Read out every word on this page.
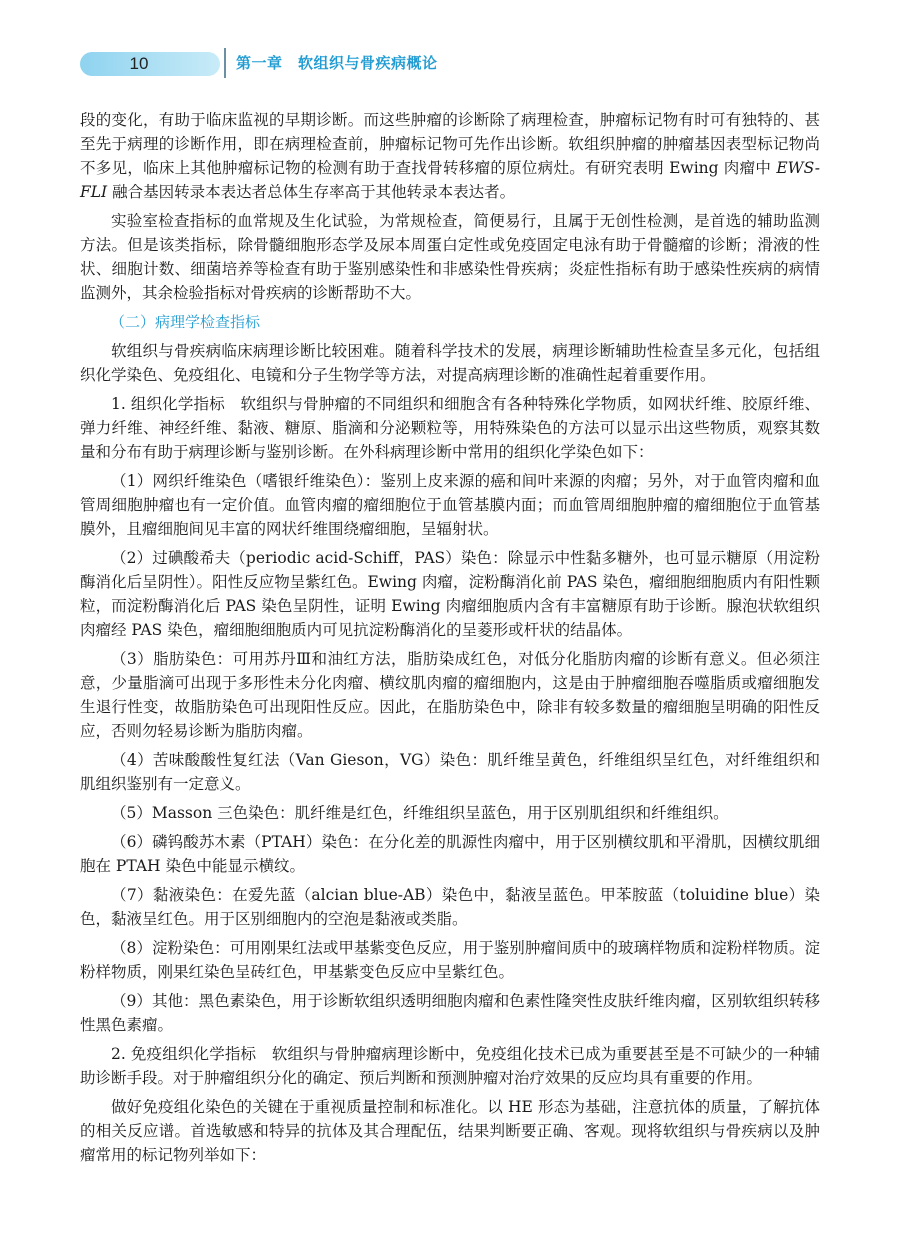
10	第一章　软组织与骨疾病概论

段的变化，有助于临床监视的早期诊断。而这些肿瘤的诊断除了病理检查，肿瘤标记物有时可有独特的、甚至先于病理的诊断作用，即在病理检查前，肿瘤标记物可先作出诊断。软组织肿瘤的肿瘤基因表型标记物尚不多见，临床上其他肿瘤标记物的检测有助于查找骨转移瘤的原位病灶。有研究表明 Ewing 肉瘤中 EWS-FLI 融合基因转录本表达者总体生存率高于其他转录本表达者。

实验室检查指标的血常规及生化试验，为常规检查，简便易行，且属于无创性检测，是首选的辅助监测方法。但是该类指标，除骨髓细胞形态学及尿本周蛋白定性或免疫固定电泳有助于骨髓瘤的诊断；滑液的性状、细胞计数、细菌培养等检查有助于鉴别感染性和非感染性骨疾病；炎症性指标有助于感染性疾病的病情监测外，其余检验指标对骨疾病的诊断帮助不大。

（二）病理学检查指标

软组织与骨疾病临床病理诊断比较困难。随着科学技术的发展，病理诊断辅助性检查呈多元化，包括组织化学染色、免疫组化、电镜和分子生物学等方法，对提高病理诊断的准确性起着重要作用。

1. 组织化学指标　软组织与骨肿瘤的不同组织和细胞含有各种特殊化学物质，如网状纤维、胶原纤维、弹力纤维、神经纤维、黏液、糖原、脂滴和分泌颗粒等，用特殊染色的方法可以显示出这些物质，观察其数量和分布有助于病理诊断与鉴别诊断。在外科病理诊断中常用的组织化学染色如下：

（1）网织纤维染色（嗜银纤维染色）：鉴别上皮来源的癌和间叶来源的肉瘤；另外，对于血管肉瘤和血管周细胞肿瘤也有一定价值。血管肉瘤的瘤细胞位于血管基膜内面；而血管周细胞肿瘤的瘤细胞位于血管基膜外，且瘤细胞间见丰富的网状纤维围绕瘤细胞，呈辐射状。

（2）过碘酸希夫（periodic acid-Schiff，PAS）染色：除显示中性黏多糖外，也可显示糖原（用淀粉酶消化后呈阴性）。阳性反应物呈紫红色。Ewing 肉瘤，淀粉酶消化前 PAS 染色，瘤细胞细胞质内有阳性颗粒，而淀粉酶消化后 PAS 染色呈阴性，证明 Ewing 肉瘤细胞质内含有丰富糖原有助于诊断。腺泡状软组织肉瘤经 PAS 染色，瘤细胞细胞质内可见抗淀粉酶消化的呈菱形或杆状的结晶体。

（3）脂肪染色：可用苏丹Ⅲ和油红方法，脂肪染成红色，对低分化脂肪肉瘤的诊断有意义。但必须注意，少量脂滴可出现于多形性未分化肉瘤、横纹肌肉瘤的瘤细胞内，这是由于肿瘤细胞吞噬脂质或瘤细胞发生退行性变，故脂肪染色可出现阳性反应。因此，在脂肪染色中，除非有较多数量的瘤细胞呈明确的阳性反应，否则勿轻易诊断为脂肪肉瘤。

（4）苦味酸酸性复红法（Van Gieson，VG）染色：肌纤维呈黄色，纤维组织呈红色，对纤维组织和肌组织鉴别有一定意义。

（5）Masson 三色染色：肌纤维是红色，纤维组织呈蓝色，用于区别肌组织和纤维组织。

（6）磷钨酸苏木素（PTAH）染色：在分化差的肌源性肉瘤中，用于区别横纹肌和平滑肌，因横纹肌细胞在 PTAH 染色中能显示横纹。

（7）黏液染色：在爱先蓝（alcian blue-AB）染色中，黏液呈蓝色。甲苯胺蓝（toluidine blue）染色，黏液呈红色。用于区别细胞内的空泡是黏液或类脂。

（8）淀粉染色：可用刚果红法或甲基紫变色反应，用于鉴别肿瘤间质中的玻璃样物质和淀粉样物质。淀粉样物质，刚果红染色呈砖红色，甲基紫变色反应中呈紫红色。

（9）其他：黑色素染色，用于诊断软组织透明细胞肉瘤和色素性隆突性皮肤纤维肉瘤，区别软组织转移性黑色素瘤。

2. 免疫组织化学指标　软组织与骨肿瘤病理诊断中，免疫组化技术已成为重要甚至是不可缺少的一种辅助诊断手段。对于肿瘤组织分化的确定、预后判断和预测肿瘤对治疗效果的反应均具有重要的作用。

做好免疫组化染色的关键在于重视质量控制和标准化。以 HE 形态为基础，注意抗体的质量，了解抗体的相关反应谱。首选敏感和特异的抗体及其合理配伍，结果判断要正确、客观。现将软组织与骨疾病以及肿瘤常用的标记物列举如下：
